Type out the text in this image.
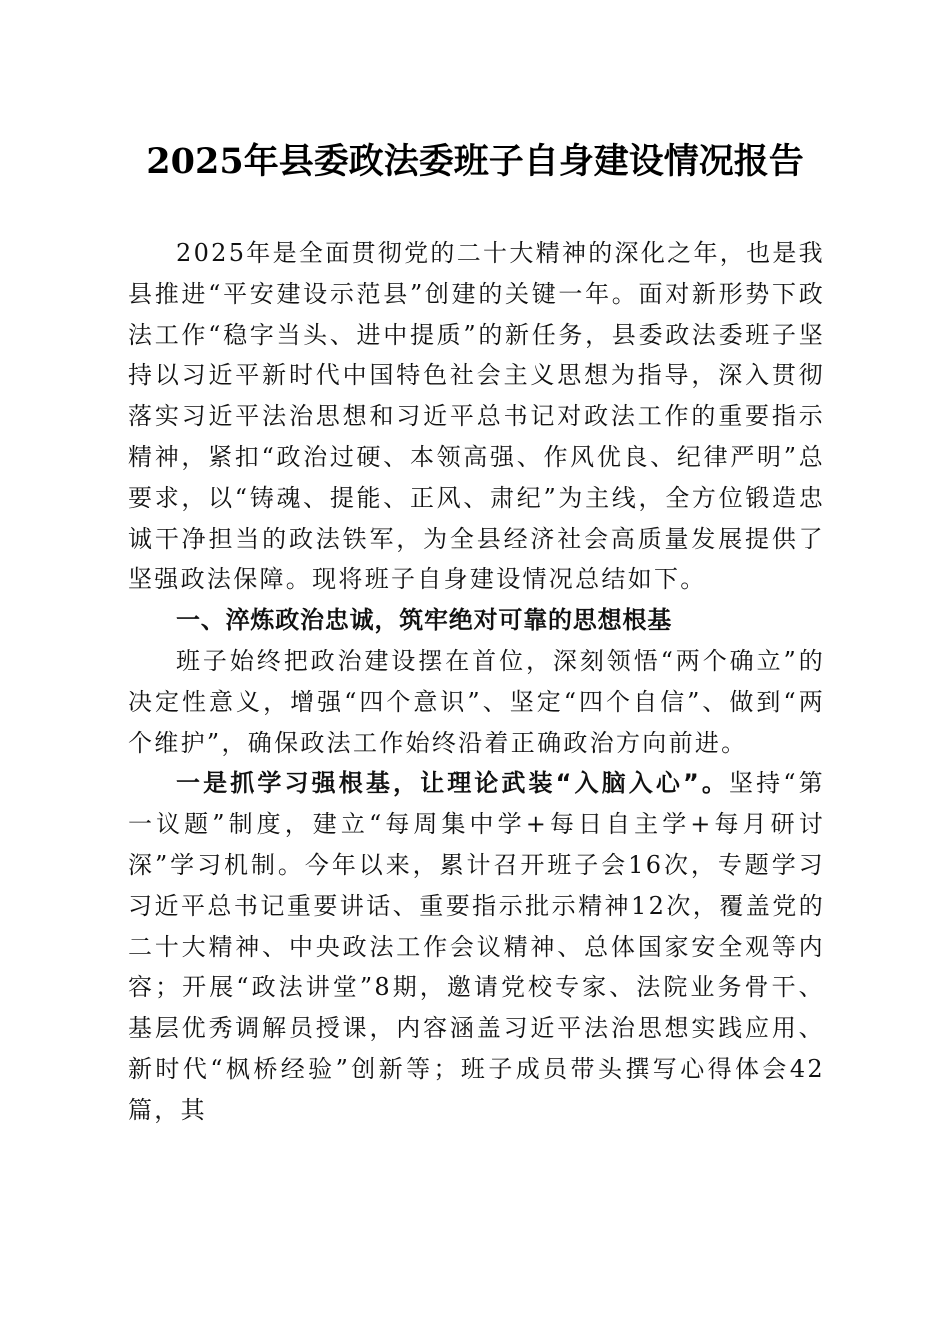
2025年县委政法委班子自身建设情况报告

2025年是全面贯彻党的二十大精神的深化之年，也是我县推进“平安建设示范县”创建的关键一年。面对新形势下政法工作“稳字当头、进中提质”的新任务，县委政法委班子坚持以习近平新时代中国特色社会主义思想为指导，深入贯彻落实习近平法治思想和习近平总书记对政法工作的重要指示精神，紧扣“政治过硬、本领高强、作风优良、纪律严明”总要求，以“铸魂、提能、正风、肃纪”为主线，全方位锻造忠诚干净担当的政法铁军，为全县经济社会高质量发展提供了坚强政法保障。现将班子自身建设情况总结如下。

一、淬炼政治忠诚，筑牢绝对可靠的思想根基

班子始终把政治建设摆在首位，深刻领悟“两个确立”的决定性意义，增强“四个意识”、坚定“四个自信”、做到“两个维护”，确保政法工作始终沿着正确政治方向前进。

一是抓学习强根基，让理论武装“入脑入心”。坚持“第一议题”制度，建立“每周集中学+每日自主学+每月研讨深”学习机制。今年以来，累计召开班子会16次，专题学习习近平总书记重要讲话、重要指示批示精神12次，覆盖党的二十大精神、中央政法工作会议精神、总体国家安全观等内容；开展“政法讲堂”8期，邀请党校专家、法院业务骨干、基层优秀调解员授课，内容涵盖习近平法治思想实践应用、新时代“枫桥经验”创新等；班子成员带头撰写心得体会42篇，其
